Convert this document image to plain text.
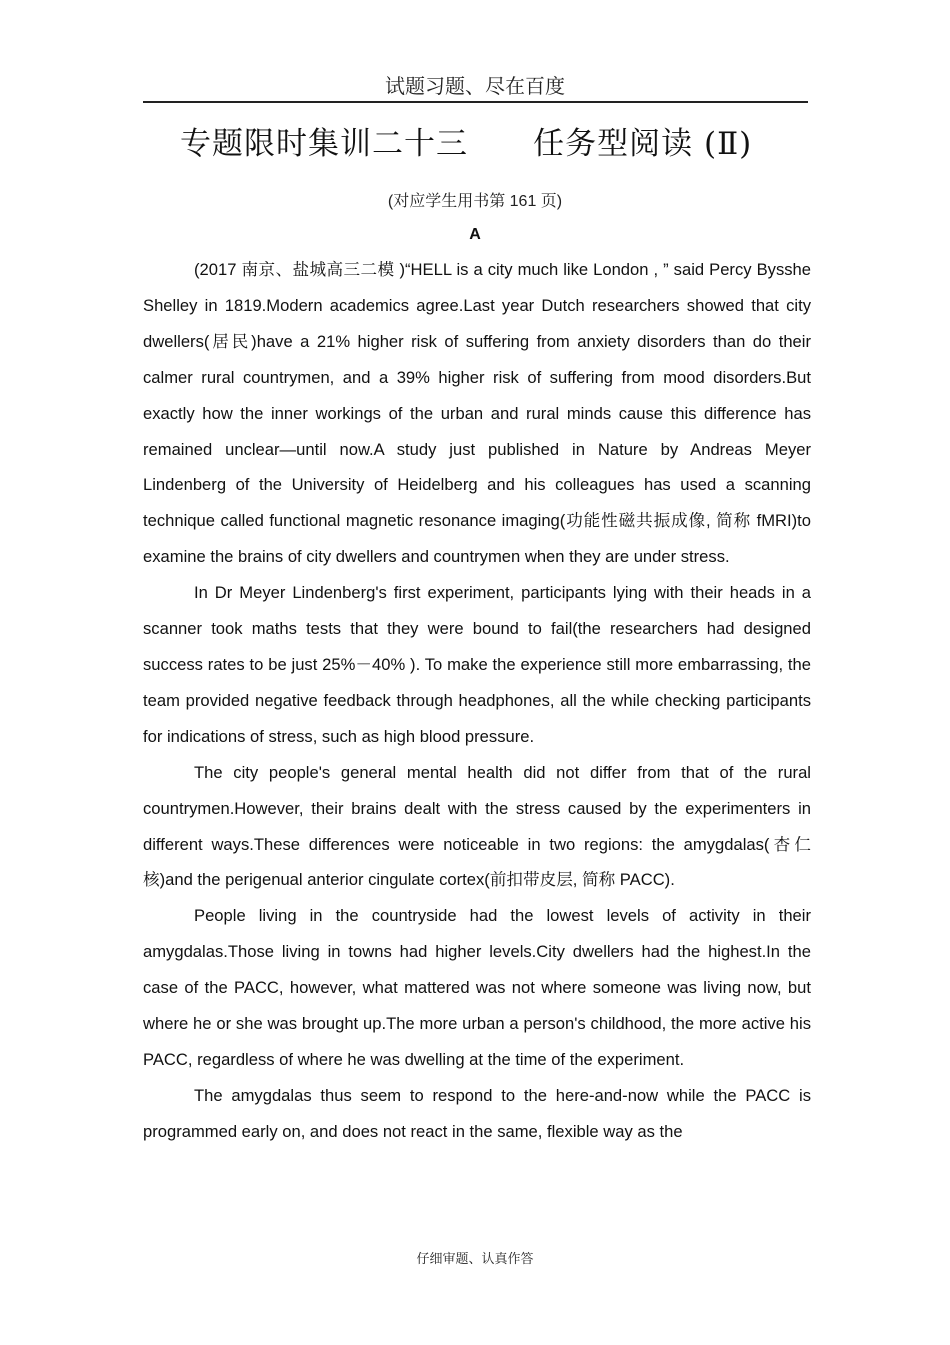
试题习题、尽在百度
专题限时集训二十三      任务型阅读 (Ⅱ)
(对应学生用书第 161 页)
A

(2017 南京、盐城高三二模 )“HELL is a city much like London , ” said Percy Bysshe Shelley in 1819.Modern academics agree.Last year Dutch researchers showed that city dwellers(居民)have a 21% higher risk of suffering from anxiety disorders than do their calmer rural countrymen, and a 39% higher risk of suffering from mood disorders.But exactly how the inner workings of the urban and rural minds cause this difference has remained unclear—until now.A study just published in Nature by Andreas Meyer Lindenberg of the University of Heidelberg and his colleagues has used a scanning technique called functional magnetic resonance imaging(功能性磁共振成像, 简称 fMRI)to examine the brains of city dwellers and countrymen when they are under stress.

In Dr Meyer Lindenberg's first experiment, participants lying with their heads in a scanner took maths tests that they were bound to fail(the researchers had designed success rates to be just 25%－40% ). To make the experience still more embarrassing, the team provided negative feedback through headphones, all the while checking participants for indications of stress, such as high blood pressure.

The city people's general mental health did not differ from that of the rural countrymen.However, their brains dealt with the stress caused by the experimenters in different ways.These differences were noticeable in two regions: the amygdalas(杏仁核)and the perigenual anterior cingulate cortex(前扣带皮层, 简称 PACC).

People living in the countryside had the lowest levels of activity in their amygdalas.Those living in towns had higher levels.City dwellers had the highest.In the case of the PACC, however, what mattered was not where someone was living now, but where he or she was brought up.The more urban a person's childhood, the more active his PACC, regardless of where he was dwelling at the time of the experiment.

The amygdalas thus seem to respond to the here-and-now while the PACC is programmed early on, and does not react in the same, flexible way as the

仔细审题、认真作答
